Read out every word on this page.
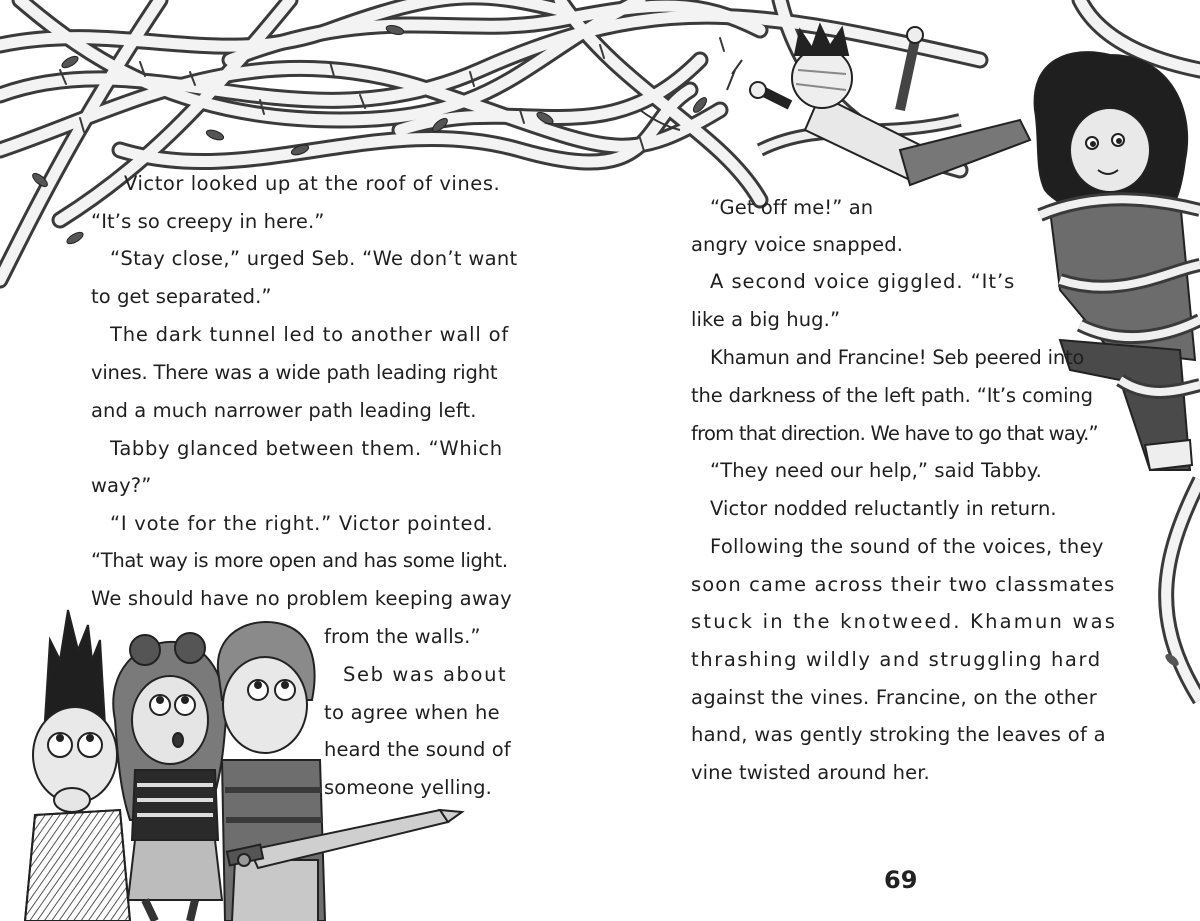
Victor looked up at the roof of vines.
“It’s so creepy in here.”
“Stay close,” urged Seb. “We don’t want
to get separated.”
The dark tunnel led to another wall of
vines. There was a wide path leading right
and a much narrower path leading left.
Tabby glanced between them. “Which
way?”
“I vote for the right.” Victor pointed.
“That way is more open and has some light.
We should have no problem keeping away
from the walls.”
Seb was about
to agree when he
heard the sound of
someone yelling.
“Get off me!” an
angry voice snapped.
A second voice giggled. “It’s
like a big hug.”
Khamun and Francine! Seb peered into
the darkness of the left path. “It’s coming
from that direction. We have to go that way.”
“They need our help,” said Tabby.
Victor nodded reluctantly in return.
Following the sound of the voices, they
soon came across their two classmates
stuck in the knotweed. Khamun was
thrashing wildly and struggling hard
against the vines. Francine, on the other
hand, was gently stroking the leaves of a
vine twisted around her.
69
